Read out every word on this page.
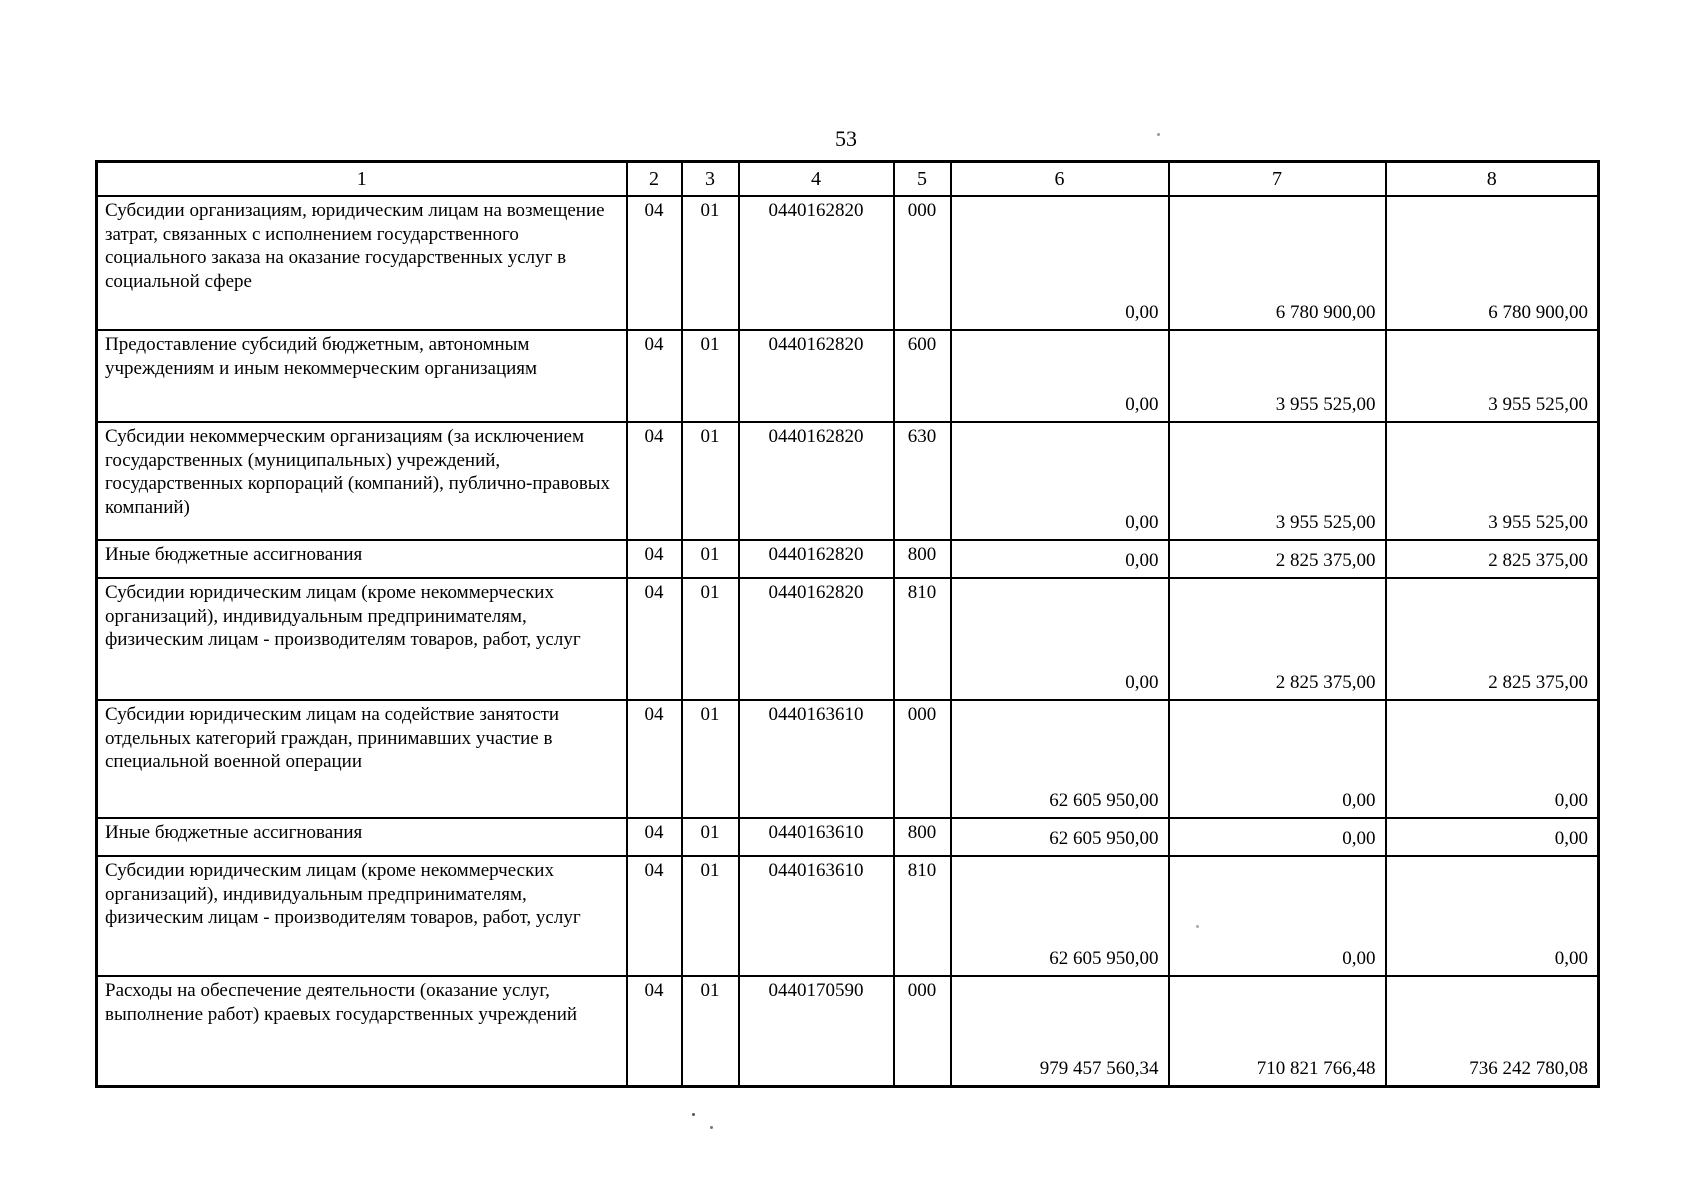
53
1	2	3	4	5	6	7	8
Субсидии организациям, юридическим лицам на возмещение затрат, связанных с исполнением государственного социального заказа на оказание государственных услуг в социальной сфере	04	01	0440162820	000	0,00	6 780 900,00	6 780 900,00
Предоставление субсидий бюджетным, автономным учреждениям и иным некоммерческим организациям	04	01	0440162820	600	0,00	3 955 525,00	3 955 525,00
Субсидии некоммерческим организациям (за исключением государственных (муниципальных) учреждений, государственных корпораций (компаний), публично-правовых компаний)	04	01	0440162820	630	0,00	3 955 525,00	3 955 525,00
Иные бюджетные ассигнования	04	01	0440162820	800	0,00	2 825 375,00	2 825 375,00
Субсидии юридическим лицам (кроме некоммерческих организаций), индивидуальным предпринимателям, физическим лицам - производителям товаров, работ, услуг	04	01	0440162820	810	0,00	2 825 375,00	2 825 375,00
Субсидии юридическим лицам на содействие занятости отдельных категорий граждан, принимавших участие в специальной военной операции	04	01	0440163610	000	62 605 950,00	0,00	0,00
Иные бюджетные ассигнования	04	01	0440163610	800	62 605 950,00	0,00	0,00
Субсидии юридическим лицам (кроме некоммерческих организаций), индивидуальным предпринимателям, физическим лицам - производителям товаров, работ, услуг	04	01	0440163610	810	62 605 950,00	0,00	0,00
Расходы на обеспечение деятельности (оказание услуг, выполнение работ) краевых государственных учреждений	04	01	0440170590	000	979 457 560,34	710 821 766,48	736 242 780,08
